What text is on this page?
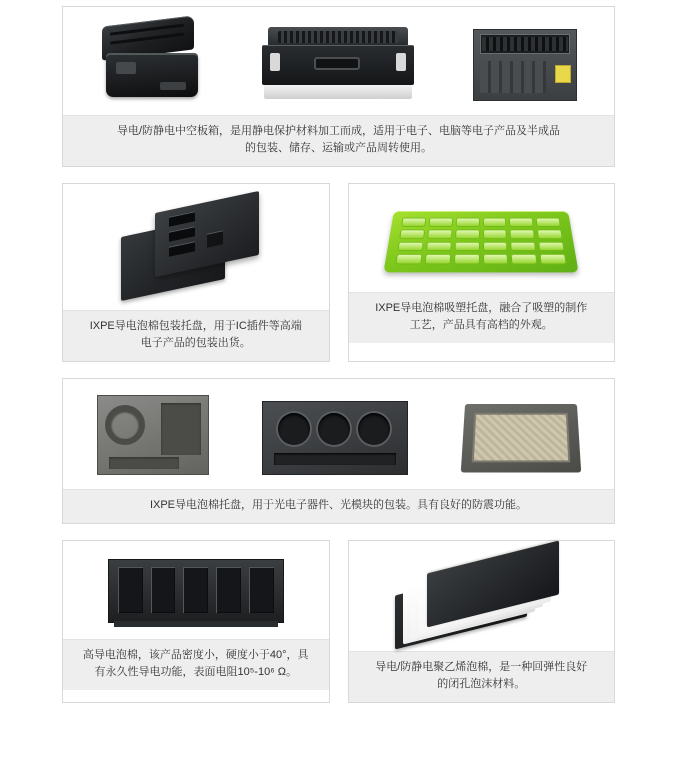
导电/防静电中空板箱，是用静电保护材料加工而成，适用于电子、电脑等电子产品及半成品
的包装、储存、运输或产品周转使用。
IXPE导电泡棉包装托盘，用于IC插件等高端
电子产品的包装出货。
IXPE导电泡棉吸塑托盘，融合了吸塑的制作
工艺，产品具有高档的外观。
IXPE导电泡棉托盘，用于光电子器件、光模块的包装。具有良好的防震功能。
高导电泡棉，该产品密度小，硬度小于40°，具
有永久性导电功能，表面电阻10⁵-10⁶ Ω。	导电/防静电聚乙烯泡棉，是一种回弹性良好
的闭孔泡沫材料。
